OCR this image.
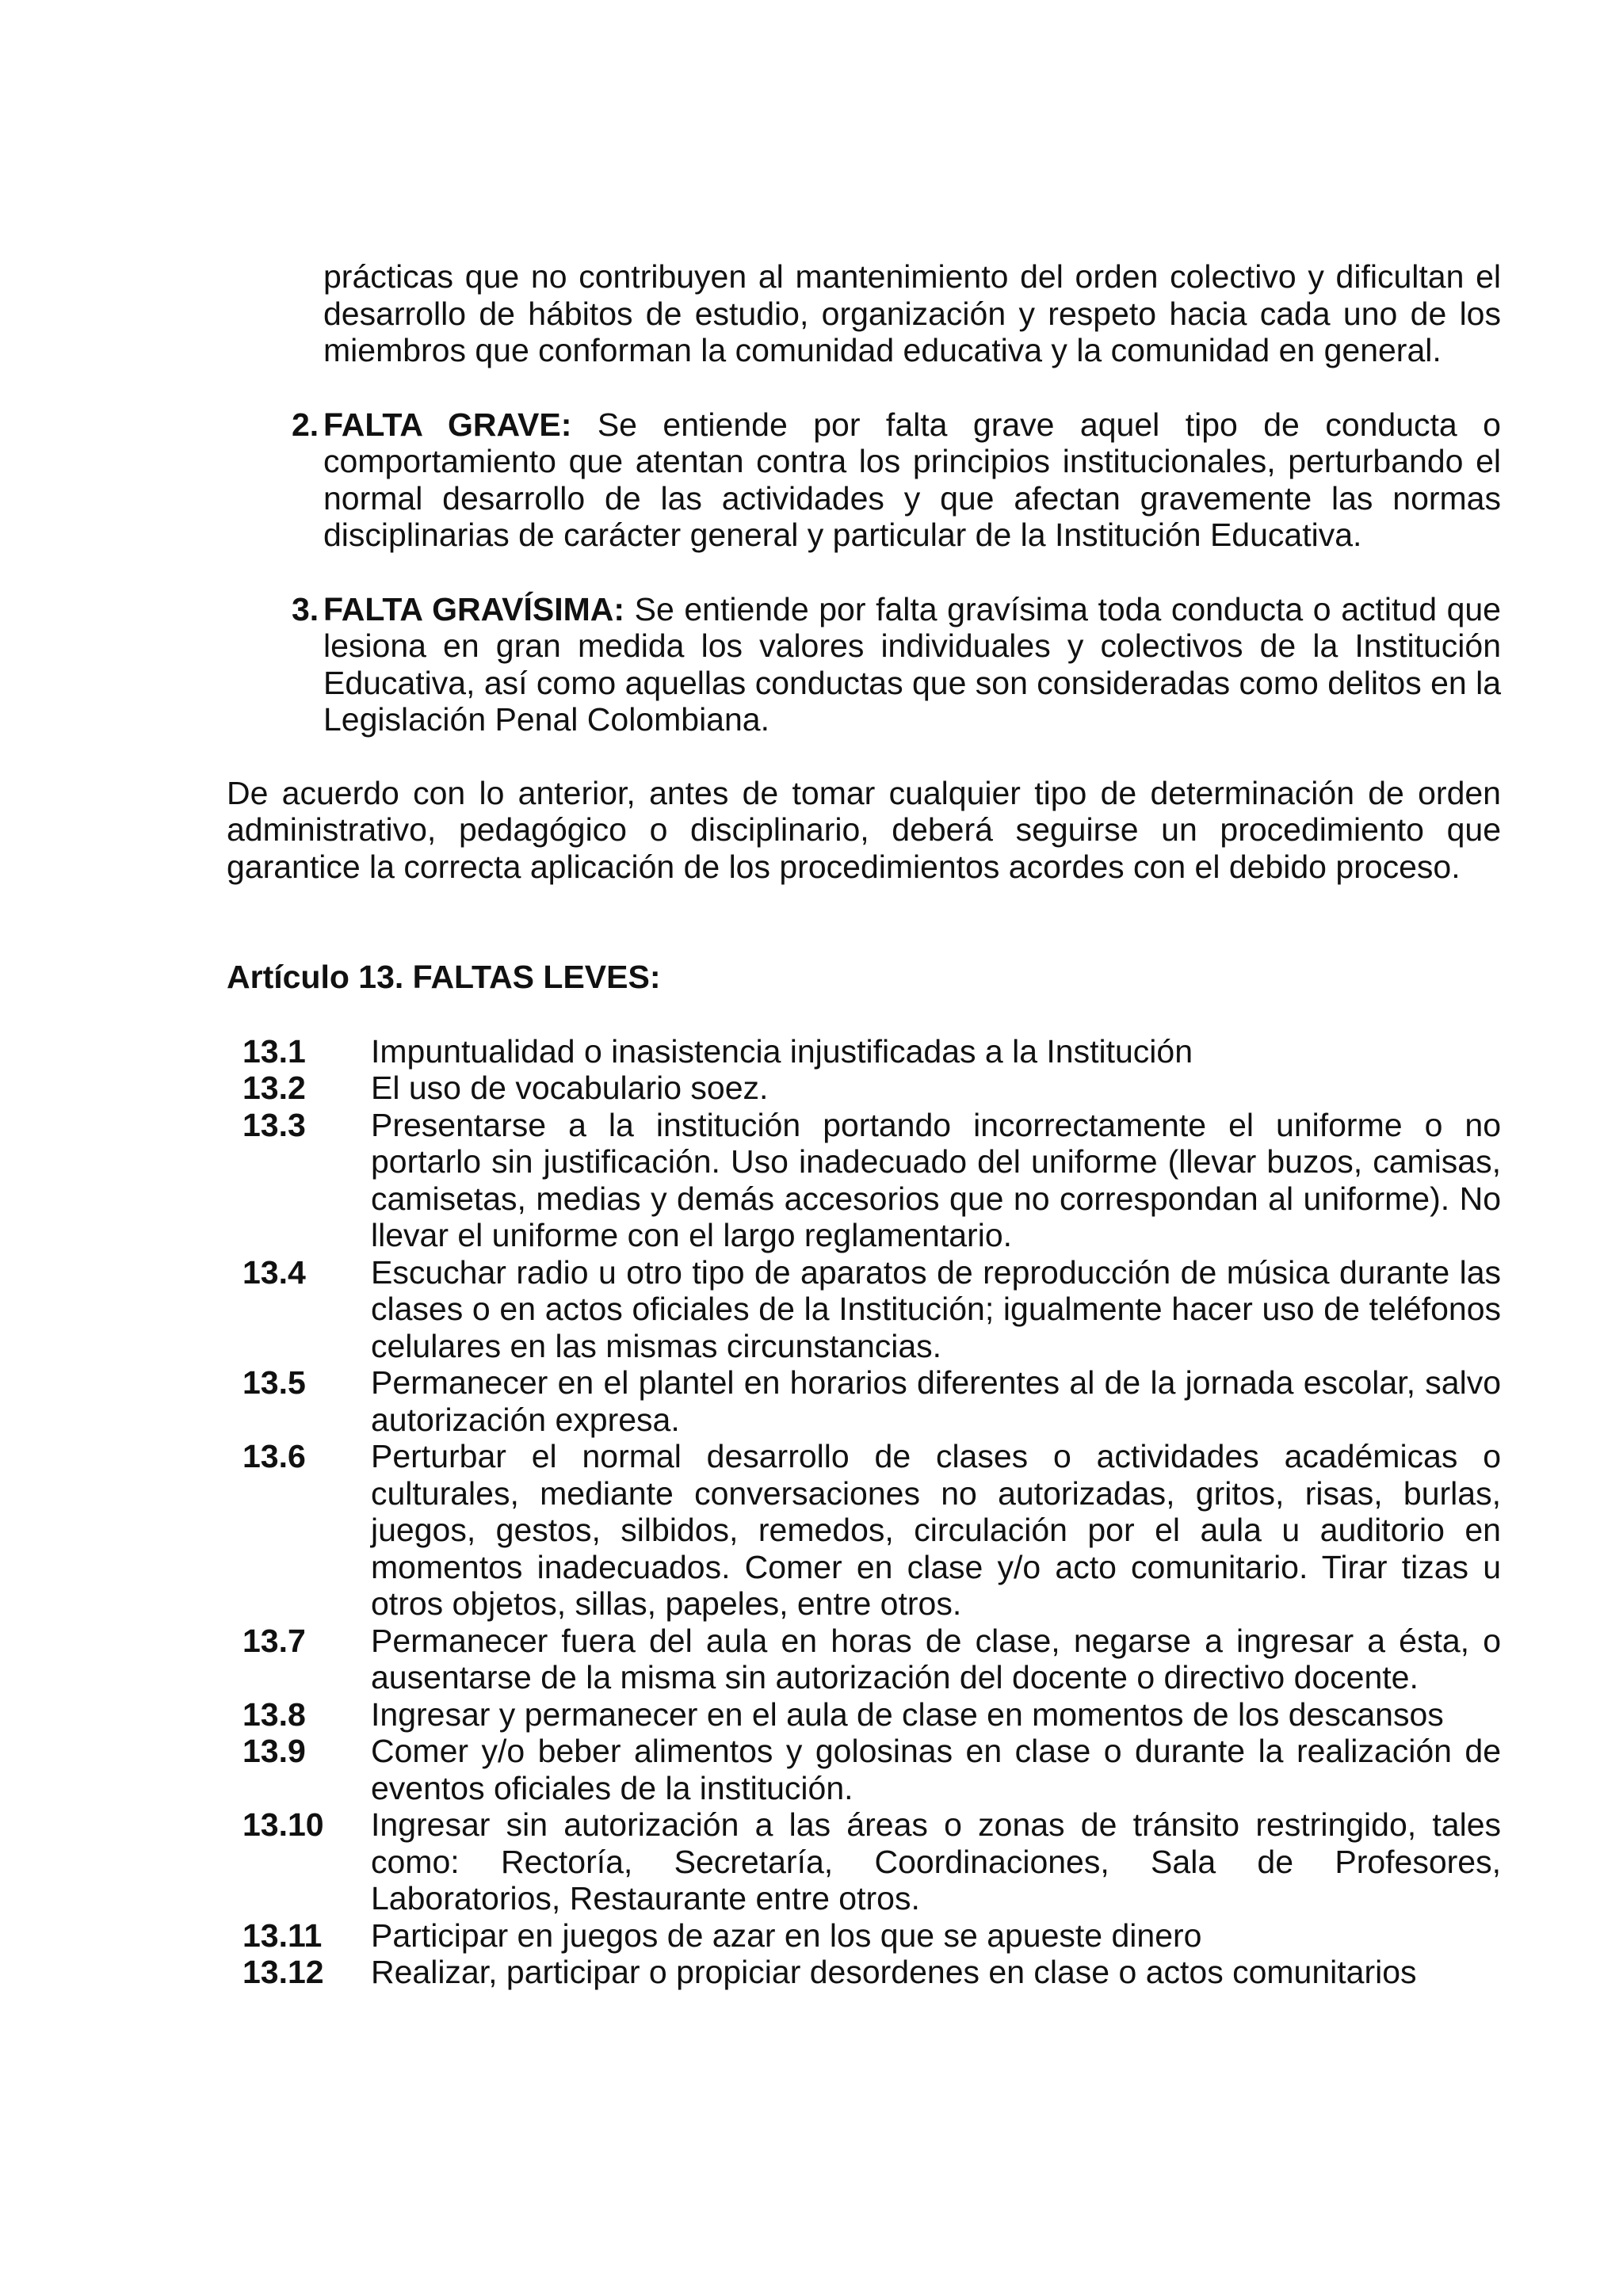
prácticas que no contribuyen al mantenimiento del orden colectivo y dificultan el desarrollo de hábitos de estudio, organización y respeto hacia cada uno de los miembros que conforman la comunidad educativa y la comunidad en general.

2. FALTA GRAVE: Se entiende por falta grave aquel tipo de conducta o comportamiento que atentan contra los principios institucionales, perturbando el normal desarrollo de las actividades y que afectan gravemente las normas disciplinarias de carácter general y particular de la Institución Educativa.

3. FALTA GRAVÍSIMA: Se entiende por falta gravísima toda conducta o actitud que lesiona en gran medida los valores individuales y colectivos de la Institución Educativa, así como aquellas conductas que son consideradas como delitos en la Legislación Penal Colombiana.

De acuerdo con lo anterior, antes de tomar cualquier tipo de determinación de orden administrativo, pedagógico o disciplinario, deberá seguirse un procedimiento que garantice la correcta aplicación de los procedimientos acordes con el debido proceso.

Artículo 13. FALTAS LEVES:
13.1	Impuntualidad o inasistencia injustificadas a la Institución
13.2	El uso de vocabulario soez.
13.3	Presentarse a la institución portando incorrectamente el uniforme o no portarlo sin justificación. Uso inadecuado del uniforme (llevar buzos, camisas, camisetas, medias y demás accesorios que no correspondan al uniforme). No llevar el uniforme con el largo reglamentario.
13.4	Escuchar radio u otro tipo de aparatos de reproducción de música durante las clases o en actos oficiales de la Institución; igualmente hacer uso de teléfonos celulares en las mismas circunstancias.
13.5	Permanecer en el plantel en horarios diferentes al de la jornada escolar, salvo autorización expresa.
13.6	Perturbar el normal desarrollo de clases o actividades académicas o culturales, mediante conversaciones no autorizadas, gritos, risas, burlas, juegos, gestos, silbidos, remedos, circulación por el aula u auditorio en momentos inadecuados. Comer en clase y/o acto comunitario. Tirar tizas u otros objetos, sillas, papeles, entre otros.
13.7	Permanecer fuera del aula en horas de clase, negarse a ingresar a ésta, o ausentarse de la misma sin autorización del docente o directivo docente.
13.8	Ingresar y permanecer en el aula de clase en momentos de los descansos
13.9	Comer y/o beber alimentos y golosinas en clase o durante la realización de eventos oficiales de la institución.
13.10	Ingresar sin autorización a las áreas o zonas de tránsito restringido, tales como: Rectoría, Secretaría, Coordinaciones, Sala de Profesores, Laboratorios, Restaurante entre otros.
13.11	Participar en juegos de azar en los que se apueste dinero
13.12	Realizar, participar o propiciar desordenes en clase o actos comunitarios
